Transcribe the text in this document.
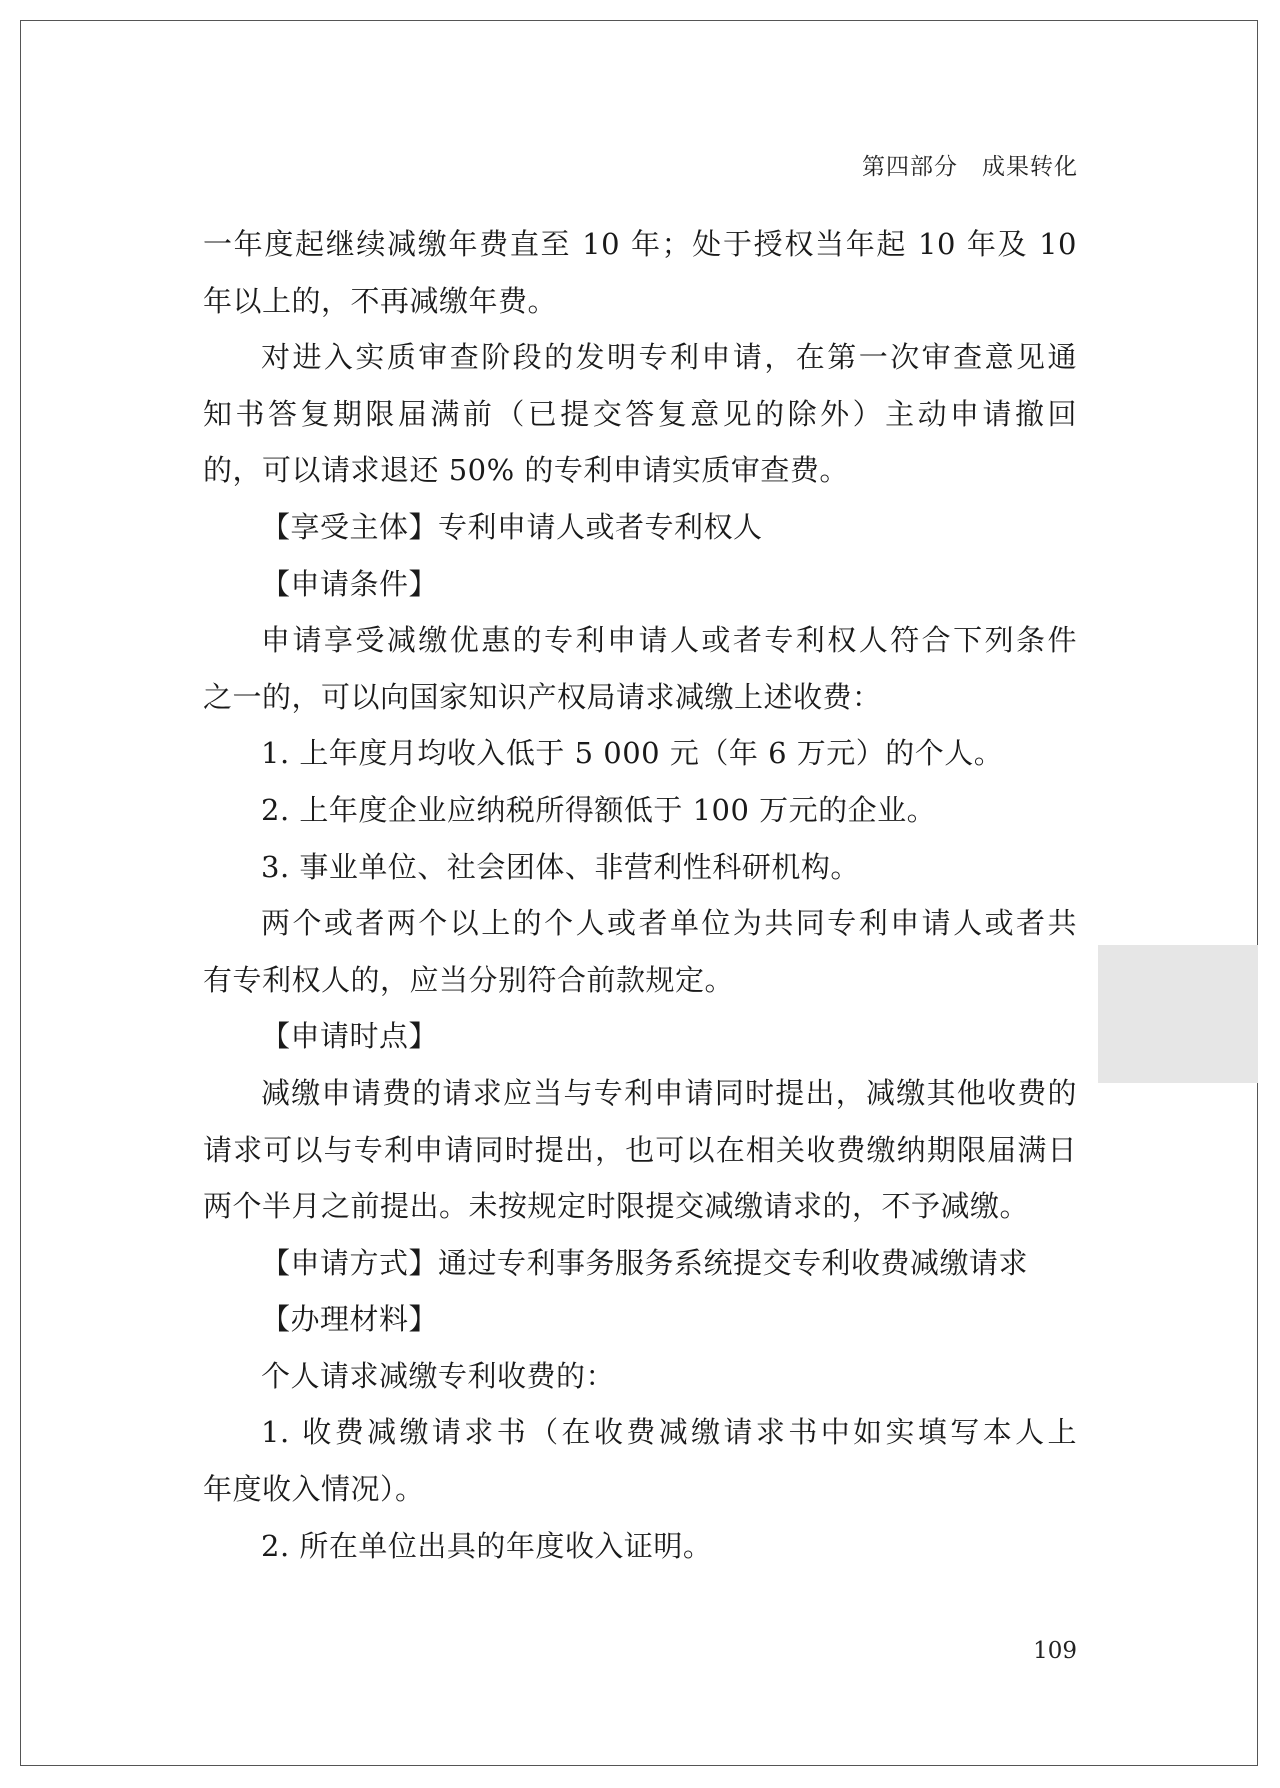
第四部分 成果转化
一年度起继续减缴年费直至 10 年；处于授权当年起 10 年及 10
年以上的，不再减缴年费。
对进入实质审查阶段的发明专利申请，在第一次审查意见通
知书答复期限届满前（已提交答复意见的除外）主动申请撤回
的，可以请求退还 50% 的专利申请实质审查费。
【享受主体】专利申请人或者专利权人
【申请条件】
申请享受减缴优惠的专利申请人或者专利权人符合下列条件
之一的，可以向国家知识产权局请求减缴上述收费：
1. 上年度月均收入低于 5 000 元（年 6 万元）的个人。
2. 上年度企业应纳税所得额低于 100 万元的企业。
3. 事业单位、社会团体、非营利性科研机构。
两个或者两个以上的个人或者单位为共同专利申请人或者共
有专利权人的，应当分别符合前款规定。
【申请时点】
减缴申请费的请求应当与专利申请同时提出，减缴其他收费的
请求可以与专利申请同时提出，也可以在相关收费缴纳期限届满日
两个半月之前提出。未按规定时限提交减缴请求的，不予减缴。
【申请方式】通过专利事务服务系统提交专利收费减缴请求
【办理材料】
个人请求减缴专利收费的：
1. 收费减缴请求书（在收费减缴请求书中如实填写本人上
年度收入情况）。
2. 所在单位出具的年度收入证明。
109
